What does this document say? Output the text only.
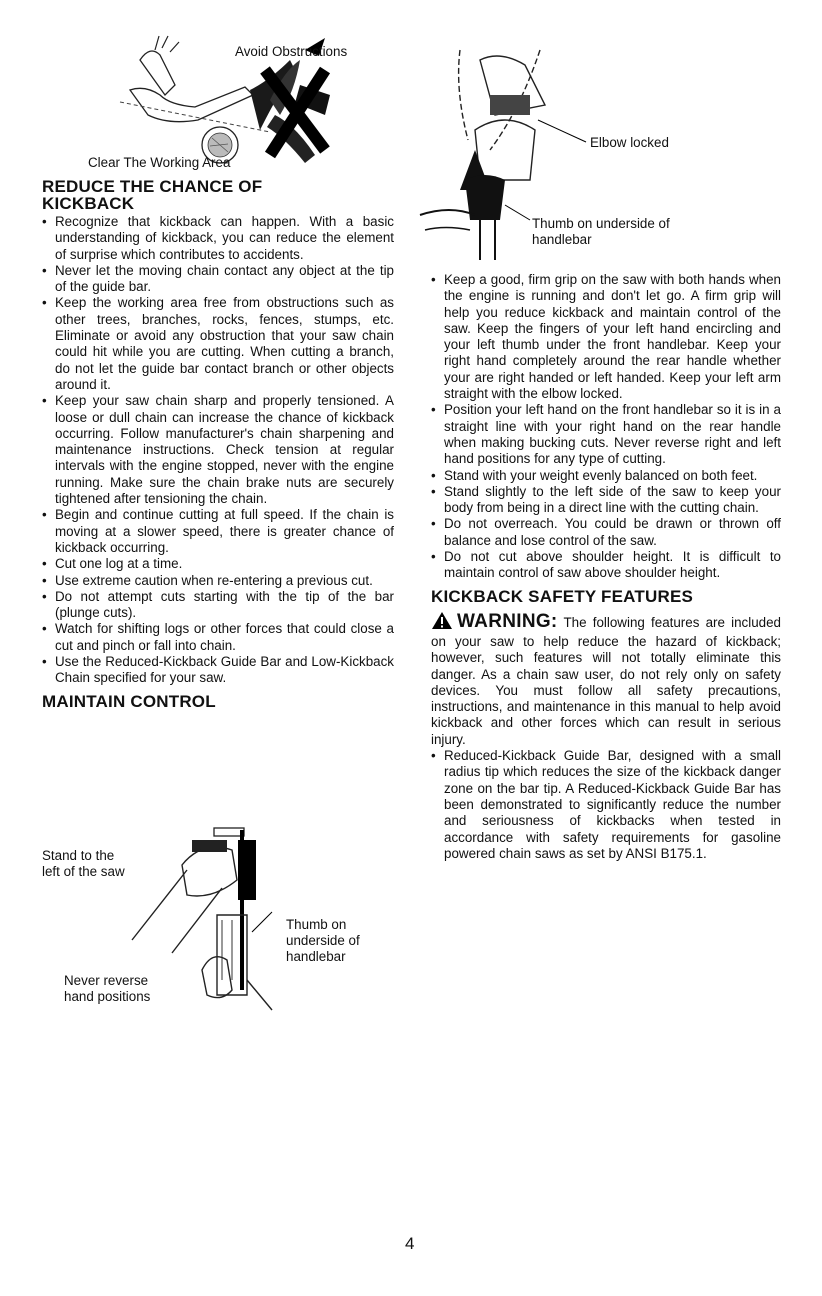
Avoid Obstructions
Clear The Working Area
REDUCE THE CHANCE OF
KICKBACK
• Recognize that kickback can happen. With a basic understanding of kickback, you can reduce the element of surprise which contributes to accidents.
• Never let the moving chain contact any object at the tip of the guide bar.
• Keep the working area free from obstructions such as other trees, branches, rocks, fences, stumps, etc. Eliminate or avoid any obstruction that your saw chain could hit while you are cutting. When cutting a branch, do not let the guide bar contact branch or other objects around it.
• Keep your saw chain sharp and properly tensioned. A loose or dull chain can increase the chance of kickback occurring. Follow manufacturer's chain sharpening and maintenance instructions. Check tension at regular intervals with the engine stopped, never with the engine running. Make sure the chain brake nuts are securely tightened after tensioning the chain.
• Begin and continue cutting at full speed. If the chain is moving at a slower speed, there is greater chance of kickback occurring.
• Cut one log at a time.
• Use extreme caution when re-entering a previous cut.
• Do not attempt cuts starting with the tip of the bar (plunge cuts).
• Watch for shifting logs or other forces that could close a cut and pinch or fall into chain.
• Use the Reduced-Kickback Guide Bar and Low-Kickback Chain specified for your saw.
MAINTAIN CONTROL
Stand to the
left of the saw
Thumb on
underside of
handlebar
Never reverse
hand positions
Elbow locked
Thumb on underside of
handlebar
• Keep a good, firm grip on the saw with both hands when the engine is running and don't let go. A firm grip will help you reduce kickback and maintain control of the saw. Keep the fingers of your left hand encircling and your left thumb under the front handlebar. Keep your right hand completely around the rear handle whether your are right handed or left handed. Keep your left arm straight with the elbow locked.
• Position your left hand on the front handlebar so it is in a straight line with your right hand on the rear handle when making bucking cuts. Never reverse right and left hand positions for any type of cutting.
• Stand with your weight evenly balanced on both feet.
• Stand slightly to the left side of the saw to keep your body from being in a direct line with the cutting chain.
• Do not overreach. You could be drawn or thrown off balance and lose control of the saw.
• Do not cut above shoulder height. It is difficult to maintain control of saw above shoulder height.
KICKBACK SAFETY FEATURES

WARNING: The following features are included on your saw to help reduce the hazard of kickback; however, such features will not totally eliminate this danger. As a chain saw user, do not rely only on safety devices. You must follow all safety precautions, instructions, and maintenance in this manual to help avoid kickback and other forces which can result in serious injury.

• Reduced-Kickback Guide Bar, designed with a small radius tip which reduces the size of the kickback danger zone on the bar tip. A Reduced-Kickback Guide Bar has been demonstrated to significantly reduce the number and seriousness of kickbacks when tested in accordance with safety requirements for gasoline powered chain saws as set by ANSI B175.1.
4
